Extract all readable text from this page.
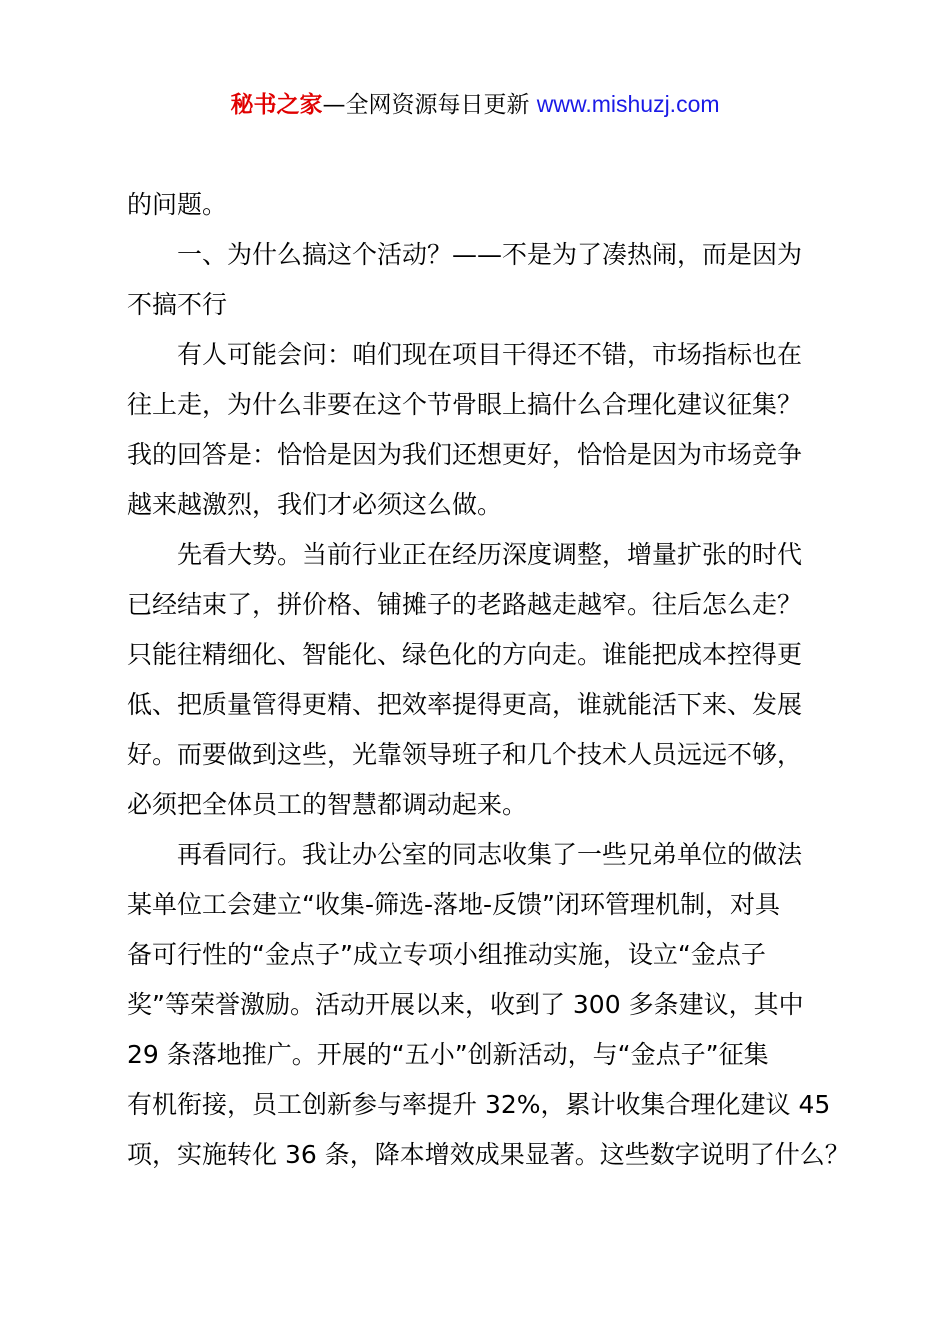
秘书之家—全网资源每日更新 www.mishuzj.com

的问题。

一、为什么搞这个活动？——不是为了凑热闹，而是因为

不搞不行

有人可能会问：咱们现在项目干得还不错，市场指标也在

往上走，为什么非要在这个节骨眼上搞什么合理化建议征集？

我的回答是：恰恰是因为我们还想更好，恰恰是因为市场竞争

越来越激烈，我们才必须这么做。

先看大势。当前行业正在经历深度调整，增量扩张的时代

已经结束了，拼价格、铺摊子的老路越走越窄。往后怎么走？

只能往精细化、智能化、绿色化的方向走。谁能把成本控得更

低、把质量管得更精、把效率提得更高，谁就能活下来、发展

好。而要做到这些，光靠领导班子和几个技术人员远远不够，

必须把全体员工的智慧都调动起来。

再看同行。我让办公室的同志收集了一些兄弟单位的做法

某单位工会建立“收集-筛选-落地-反馈”闭环管理机制，对具

备可行性的“金点子”成立专项小组推动实施，设立“金点子

奖”等荣誉激励。活动开展以来，收到了 300 多条建议，其中

29 条落地推广。开展的“五小”创新活动，与“金点子”征集

有机衔接，员工创新参与率提升 32%，累计收集合理化建议 45

项，实施转化 36 条，降本增效成果显著。这些数字说明了什么？
